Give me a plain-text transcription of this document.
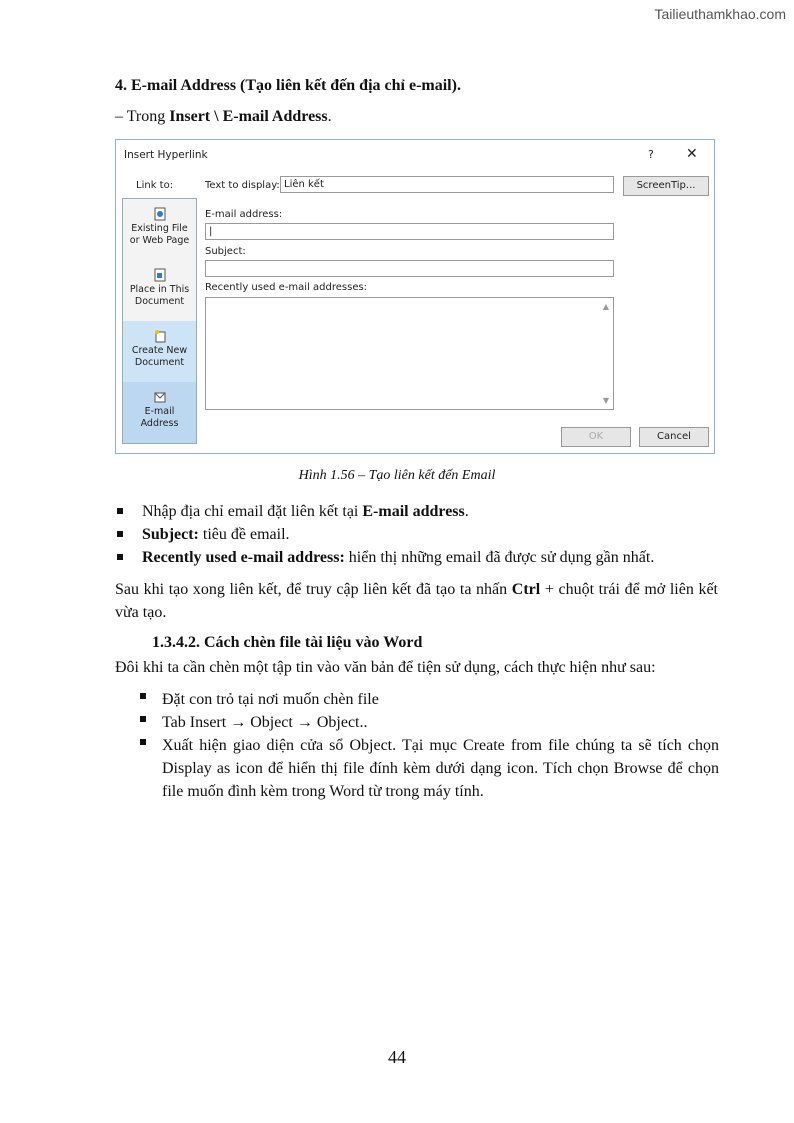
Tailieuthamkhao.com
4. E-mail Address (Tạo liên kết đến địa chỉ e-mail).
– Trong Insert \ E-mail Address.
Insert Hyperlink	? ✕
Link to:
Existing File
or Web Page
Place in This
Document
Create New
Document
E-mail
Address
Text to display: Liên kết	ScreenTip...
E-mail address:
|
Subject:
Recently used e-mail addresses:
▲
▼
OK	Cancel
Hình 1.56 – Tạo liên kết đến Email
Nhập địa chỉ email đặt liên kết tại E-mail address.
Subject: tiêu đề email.
Recently used e-mail address: hiển thị những email đã được sử dụng gần nhất.
Sau khi tạo xong liên kết, để truy cập liên kết đã tạo ta nhấn Ctrl + chuột trái để mở liên kết vừa tạo.
1.3.4.2. Cách chèn file tài liệu vào Word
Đôi khi ta cần chèn một tập tin vào văn bản để tiện sử dụng, cách thực hiện như sau:
Đặt con trỏ tại nơi muốn chèn file
Tab Insert → Object → Object..
Xuất hiện giao diện cửa sổ Object. Tại mục Create from file chúng ta sẽ tích chọn Display as icon để hiển thị file đính kèm dưới dạng icon. Tích chọn Browse để chọn file muốn đình kèm trong Word từ trong máy tính.
44
